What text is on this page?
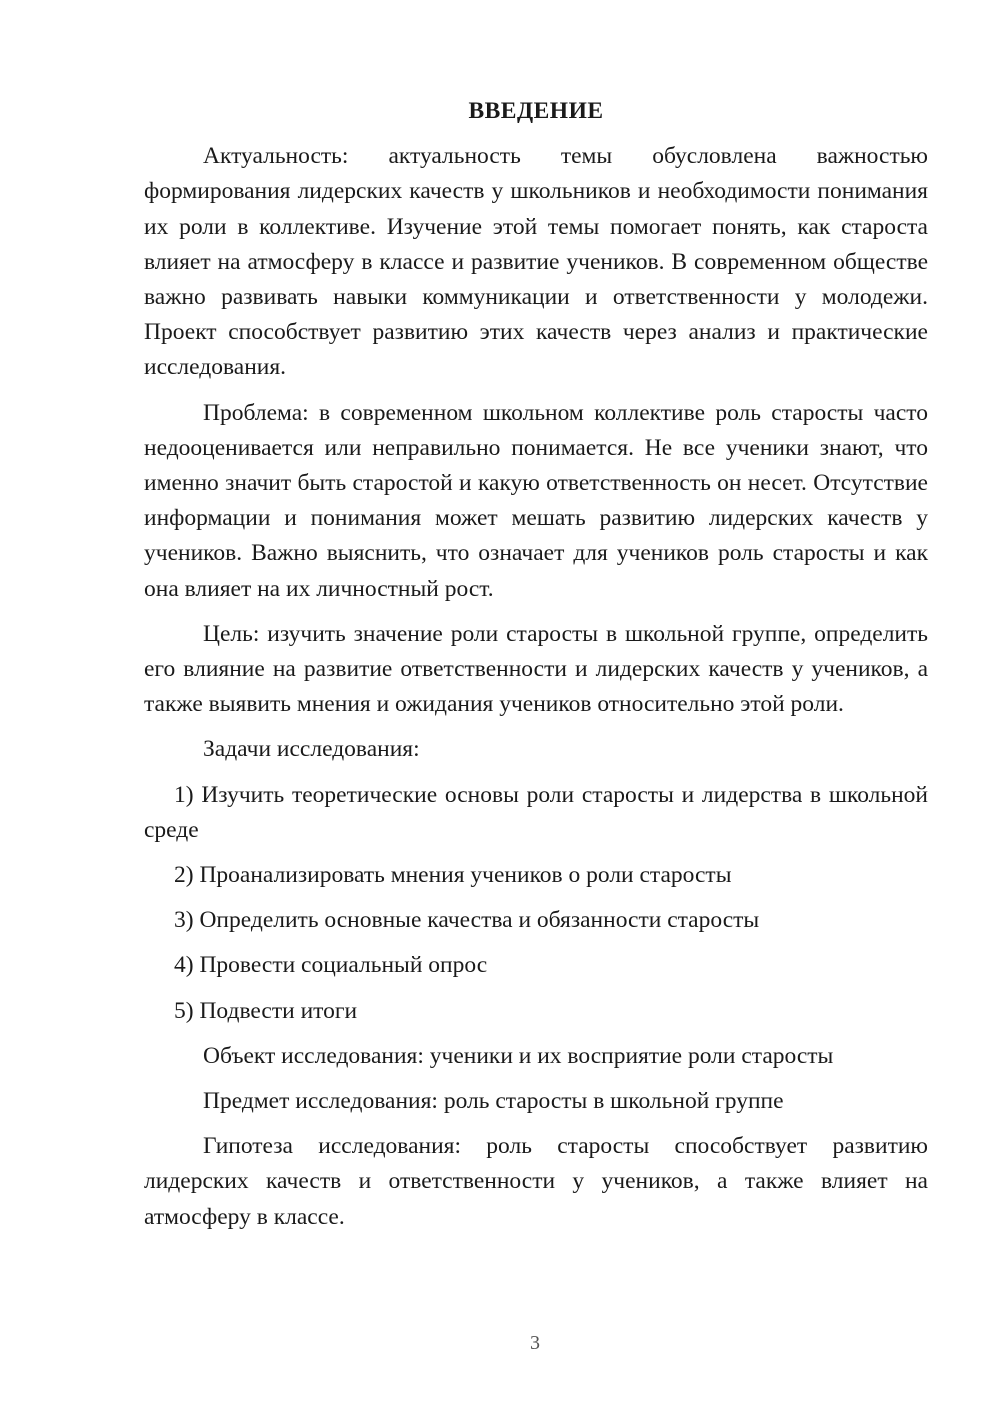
ВВЕДЕНИЕ

Актуальность: актуальность темы обусловлена важностью формирования лидерских качеств у школьников и необходимости понимания их роли в коллективе. Изучение этой темы помогает понять, как староста влияет на атмосферу в классе и развитие учеников. В современном обществе важно развивать навыки коммуникации и ответственности у молодежи. Проект способствует развитию этих качеств через анализ и практические исследования.

Проблема: в современном школьном коллективе роль старосты часто недооценивается или неправильно понимается. Не все ученики знают, что именно значит быть старостой и какую ответственность он несет. Отсутствие информации и понимания может мешать развитию лидерских качеств у учеников. Важно выяснить, что означает для учеников роль старосты и как она влияет на их личностный рост.

Цель: изучить значение роли старосты в школьной группе, определить его влияние на развитие ответственности и лидерских качеств у учеников, а также выявить мнения и ожидания учеников относительно этой роли.

Задачи исследования:

1) Изучить теоретические основы роли старосты и лидерства в школьной среде

2) Проанализировать мнения учеников о роли старосты

3) Определить основные качества и обязанности старосты

4) Провести социальный опрос

5) Подвести итоги

Объект исследования: ученики и их восприятие роли старосты

Предмет исследования: роль старосты в школьной группе

Гипотеза исследования: роль старосты способствует развитию лидерских качеств и ответственности у учеников, а также влияет на атмосферу в классе.

3
